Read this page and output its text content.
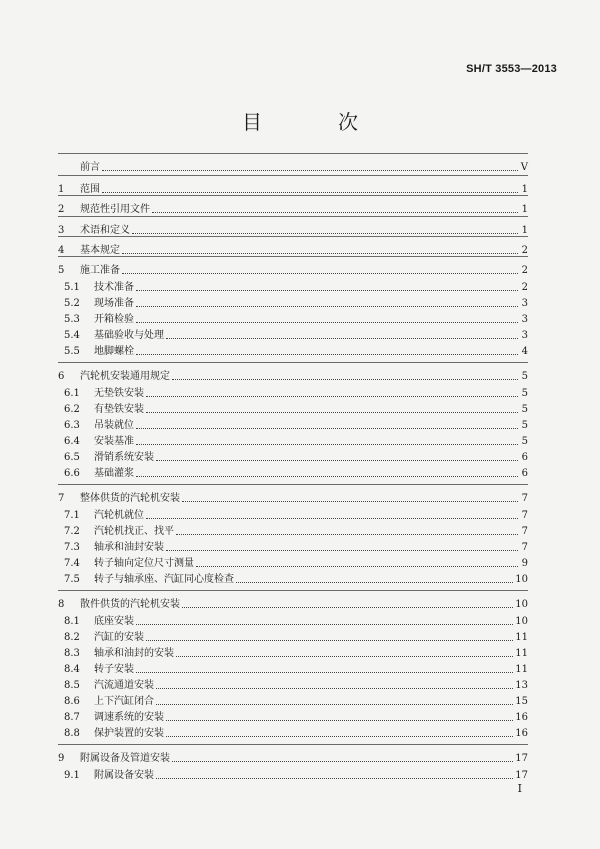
SH/T 3553—2013
目　次
前言	V
1	范围	1
2	规范性引用文件	1
3	术语和定义	1
4	基本规定	2
5	施工准备	2
5.1	技术准备	2
5.2	现场准备	3
5.3	开箱检验	3
5.4	基础验收与处理	3
5.5	地脚螺栓	4
6	汽轮机安装通用规定	5
6.1	无垫铁安装	5
6.2	有垫铁安装	5
6.3	吊装就位	5
6.4	安装基准	5
6.5	滑销系统安装	6
6.6	基础灌浆	6
7	整体供货的汽轮机安装	7
7.1	汽轮机就位	7
7.2	汽轮机找正、找平	7
7.3	轴承和油封安装	7
7.4	转子轴向定位尺寸测量	9
7.5	转子与轴承座、汽缸同心度检查	10
8	散件供货的汽轮机安装	10
8.1	底座安装	10
8.2	汽缸的安装	11
8.3	轴承和油封的安装	11
8.4	转子安装	11
8.5	汽流通道安装	13
8.6	上下汽缸闭合	15
8.7	调速系统的安装	16
8.8	保护装置的安装	16
9	附属设备及管道安装	17
9.1	附属设备安装	17
I
